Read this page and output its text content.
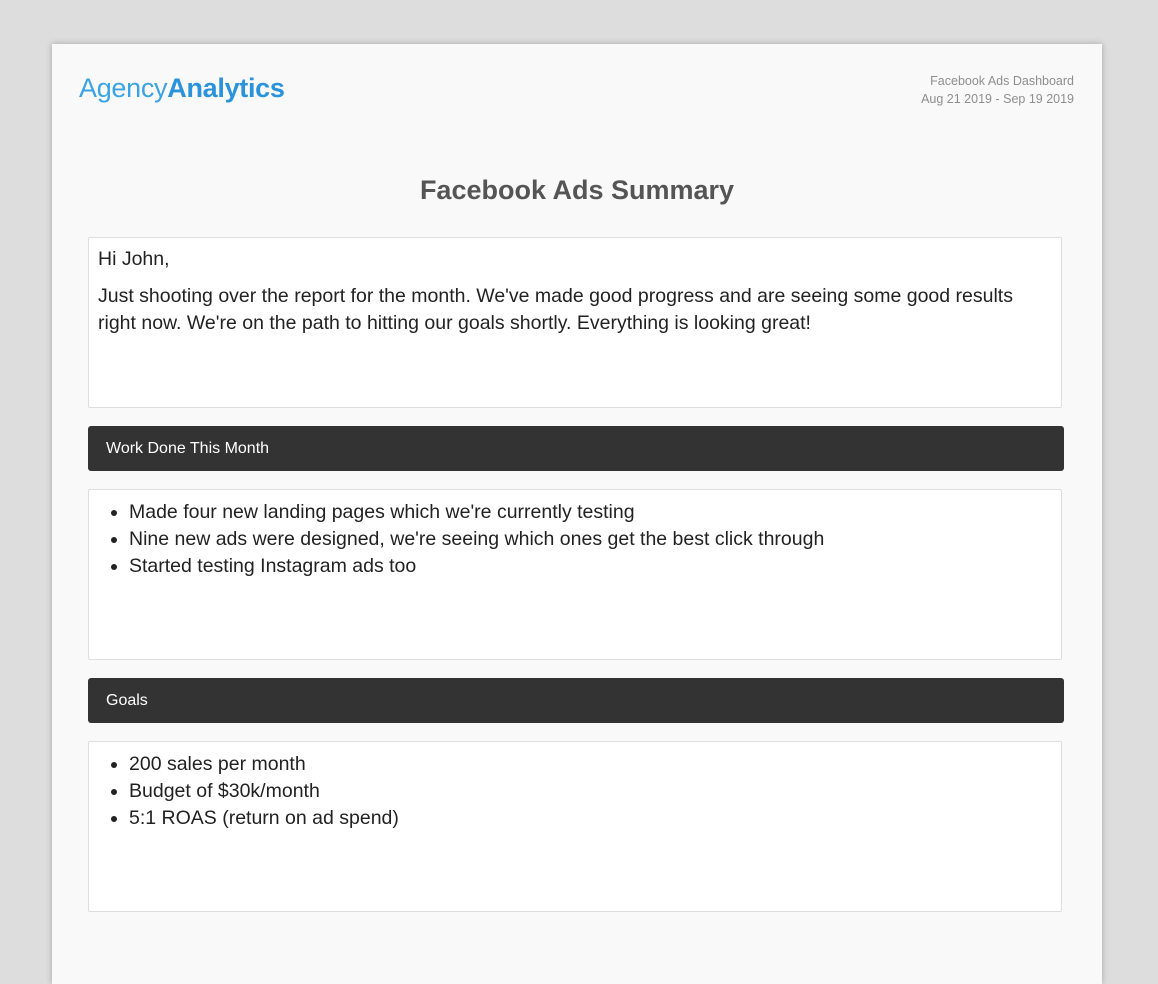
AgencyAnalytics	Facebook Ads Dashboard
Aug 21 2019 - Sep 19 2019
Facebook Ads Summary

Hi John,

Just shooting over the report for the month. We've made good progress and are seeing some good results right now. We're on the path to hitting our goals shortly. Everything is looking great!

Work Done This Month
• Made four new landing pages which we're currently testing
• Nine new ads were designed, we're seeing which ones get the best click through
• Started testing Instagram ads too
Goals
• 200 sales per month
• Budget of $30k/month
• 5:1 ROAS (return on ad spend)
